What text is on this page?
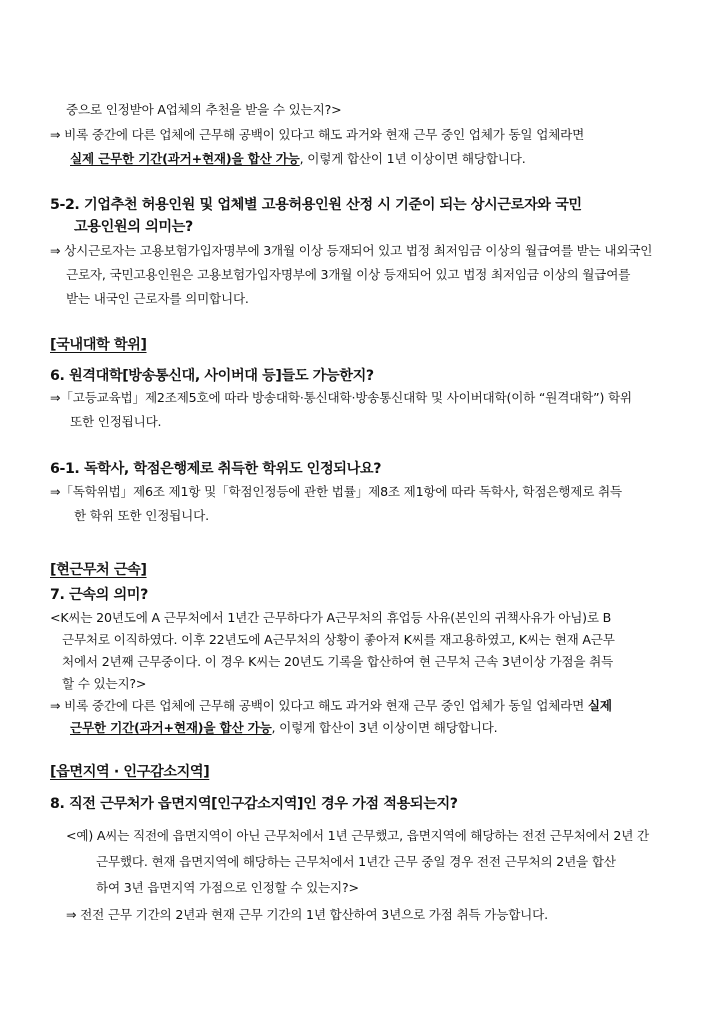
중으로 인정받아 A업체의 추천을 받을 수 있는지?>
⇒ 비록 중간에 다른 업체에 근무해 공백이 있다고 해도 과거와 현재 근무 중인 업체가 동일 업체라면
실제 근무한 기간(과거+현재)을 합산 가능, 이렇게 합산이 1년 이상이면 해당합니다.
5-2. 기업추천 허용인원 및 업체별 고용허용인원 산정 시 기준이 되는 상시근로자와 국민
고용인원의 의미는?
⇒ 상시근로자는 고용보험가입자명부에 3개월 이상 등재되어 있고 법정 최저임금 이상의 월급여를 받는 내외국인
근로자, 국민고용인원은 고용보험가입자명부에 3개월 이상 등재되어 있고 법정 최저임금 이상의 월급여를
받는 내국인 근로자를 의미합니다.
[국내대학 학위]
6. 원격대학[방송통신대, 사이버대 등]들도 가능한지?
⇒「고등교육법」제2조제5호에 따라 방송대학·통신대학·방송통신대학 및 사이버대학(이하 “원격대학”) 학위
또한 인정됩니다.
6-1. 독학사, 학점은행제로 취득한 학위도 인정되나요?
⇒「독학위법」제6조 제1항 및「학점인정등에 관한 법률」제8조 제1항에 따라 독학사, 학점은행제로 취득
한 학위 또한 인정됩니다.
[현근무처 근속]
7. 근속의 의미?
<K씨는 20년도에 A 근무처에서 1년간 근무하다가 A근무처의 휴업등 사유(본인의 귀책사유가 아님)로 B
근무처로 이직하였다. 이후 22년도에 A근무처의 상황이 좋아져 K씨를 재고용하였고, K씨는 현재 A근무
처에서 2년째 근무중이다. 이 경우 K씨는 20년도 기록을 합산하여 현 근무처 근속 3년이상 가점을 취득
할 수 있는지?>
⇒ 비록 중간에 다른 업체에 근무해 공백이 있다고 해도 과거와 현재 근무 중인 업체가 동일 업체라면 실제
근무한 기간(과거+현재)을 합산 가능, 이렇게 합산이 3년 이상이면 해당합니다.
[읍면지역 · 인구감소지역]
8. 직전 근무처가 읍면지역[인구감소지역]인 경우 가점 적용되는지?
<예) A씨는 직전에 읍면지역이 아닌 근무처에서 1년 근무했고, 읍면지역에 해당하는 전전 근무처에서 2년 간
근무했다. 현재 읍면지역에 해당하는 근무처에서 1년간 근무 중일 경우 전전 근무처의 2년을 합산
하여 3년 읍면지역 가점으로 인정할 수 있는지?>
⇒ 전전 근무 기간의 2년과 현재 근무 기간의 1년 합산하여 3년으로 가점 취득 가능합니다.
